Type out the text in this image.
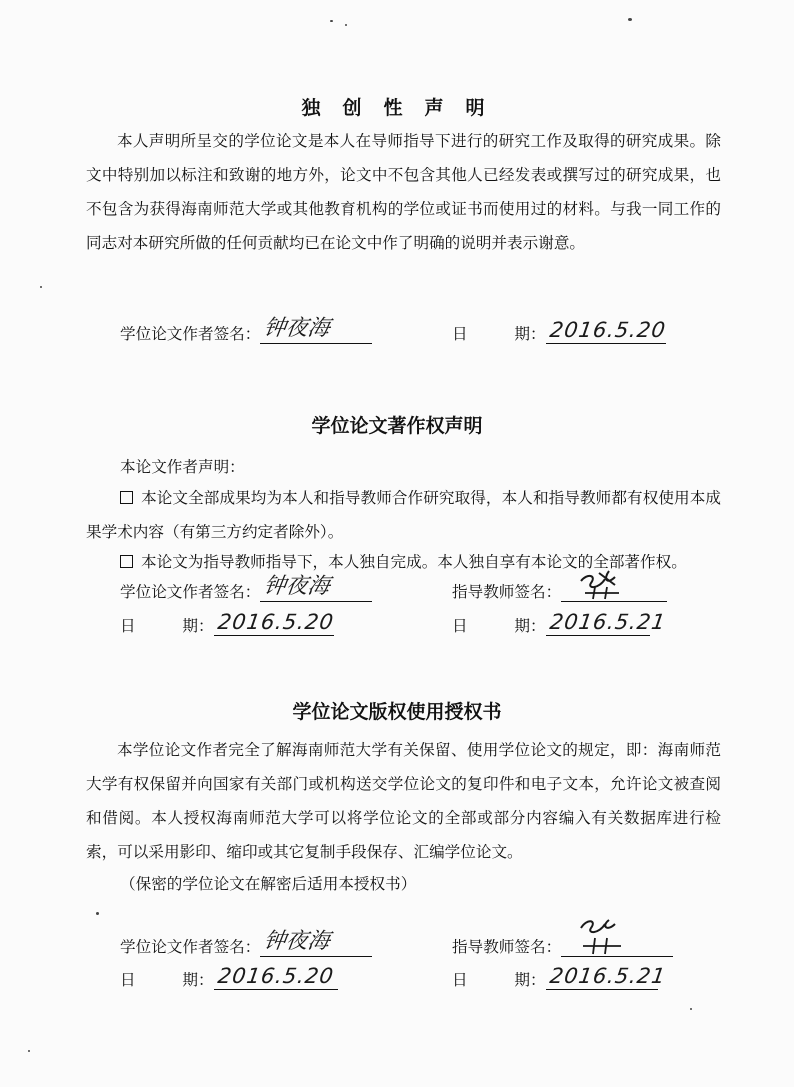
独创性声明

本人声明所呈交的学位论文是本人在导师指导下进行的研究工作及取得的研究成果。除文中特别加以标注和致谢的地方外，论文中不包含其他人已经发表或撰写过的研究成果，也不包含为获得海南师范大学或其他教育机构的学位或证书而使用过的材料。与我一同工作的同志对本研究所做的任何贡献均已在论文中作了明确的说明并表示谢意。

学位论文作者签名： 钟夜海	日　　　期： 2016.5.20
学位论文著作权声明

本论文作者声明：

本论文全部成果均为本人和指导教师合作研究取得，本人和指导教师都有权使用本成果学术内容（有第三方约定者除外）。

本论文为指导教师指导下，本人独自完成。本人独自享有本论文的全部著作权。

学位论文作者签名： 钟夜海	指导教师签名：
日　　　期： 2016.5.20	日　　　期： 2016.5.21
学位论文版权使用授权书

本学位论文作者完全了解海南师范大学有关保留、使用学位论文的规定，即：海南师范大学有权保留并向国家有关部门或机构送交学位论文的复印件和电子文本，允许论文被查阅和借阅。本人授权海南师范大学可以将学位论文的全部或部分内容编入有关数据库进行检索，可以采用影印、缩印或其它复制手段保存、汇编学位论文。

（保密的学位论文在解密后适用本授权书）

学位论文作者签名： 钟夜海	指导教师签名：
日　　　期： 2016.5.20	日　　　期： 2016.5.21
